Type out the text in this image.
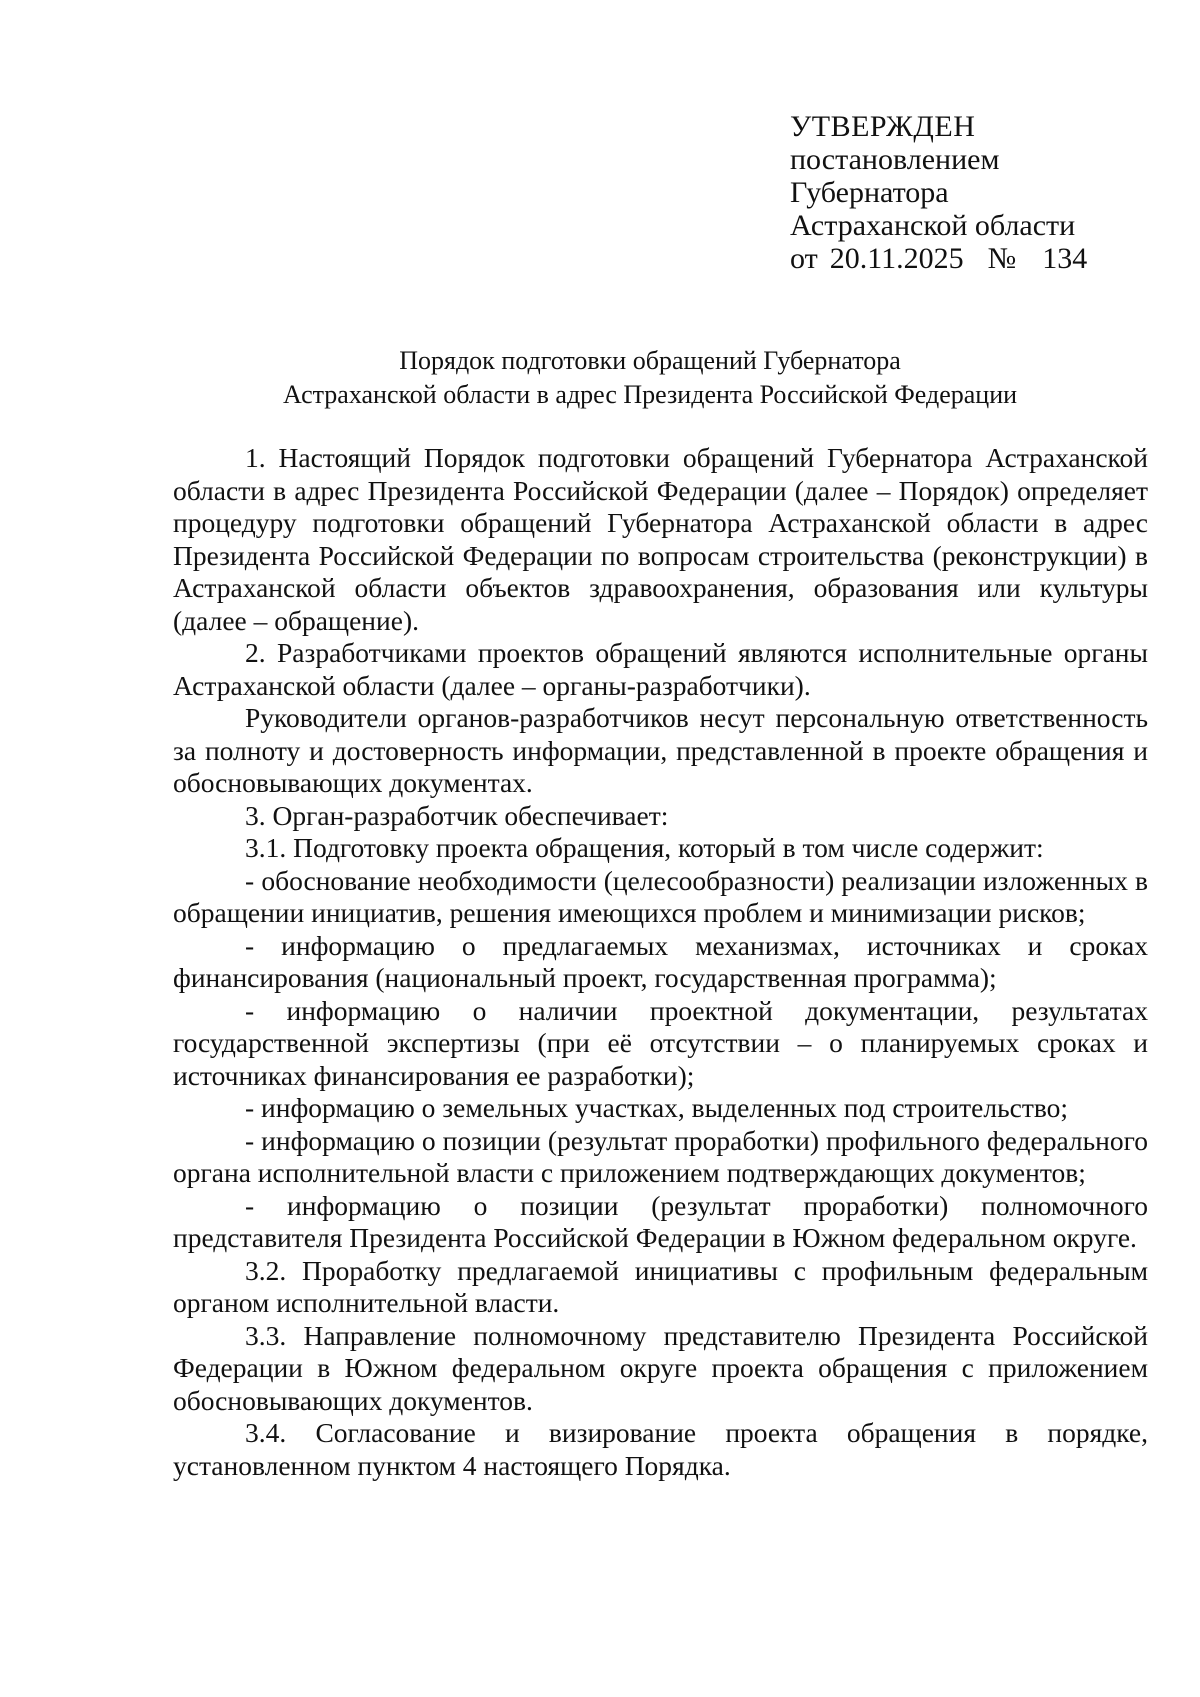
УТВЕРЖДЕН
постановлением
Губернатора
Астраханской области
от 20.11.2025 № 134
Порядок подготовки обращений Губернатора
Астраханской области в адрес Президента Российской Федерации

1. Настоящий Порядок подготовки обращений Губернатора Астраханской области в адрес Президента Российской Федерации (далее – Порядок) определяет процедуру подготовки обращений Губернатора Астраханской области в адрес Президента Российской Федерации по вопросам строительства (реконструкции) в Астраханской области объектов здравоохранения, образования или культуры (далее – обращение).

2. Разработчиками проектов обращений являются исполнительные органы Астраханской области (далее – органы-разработчики).

Руководители органов-разработчиков несут персональную ответственность за полноту и достоверность информации, представленной в проекте обращения и обосновывающих документах.

3. Орган-разработчик обеспечивает:

3.1. Подготовку проекта обращения, который в том числе содержит:

- обоснование необходимости (целесообразности) реализации изложенных в обращении инициатив, решения имеющихся проблем и минимизации рисков;

- информацию о предлагаемых механизмах, источниках и сроках финансирования (национальный проект, государственная программа);

- информацию о наличии проектной документации, результатах государственной экспертизы (при её отсутствии – о планируемых сроках и источниках финансирования ее разработки);

- информацию о земельных участках, выделенных под строительство;

- информацию о позиции (результат проработки) профильного федерального органа исполнительной власти с приложением подтверждающих документов;

- информацию о позиции (результат проработки) полномочного представителя Президента Российской Федерации в Южном федеральном округе.

3.2. Проработку предлагаемой инициативы с профильным федеральным органом исполнительной власти.

3.3. Направление полномочному представителю Президента Российской Федерации в Южном федеральном округе проекта обращения с приложением обосновывающих документов.

3.4. Согласование и визирование проекта обращения в порядке, установленном пунктом 4 настоящего Порядка.
